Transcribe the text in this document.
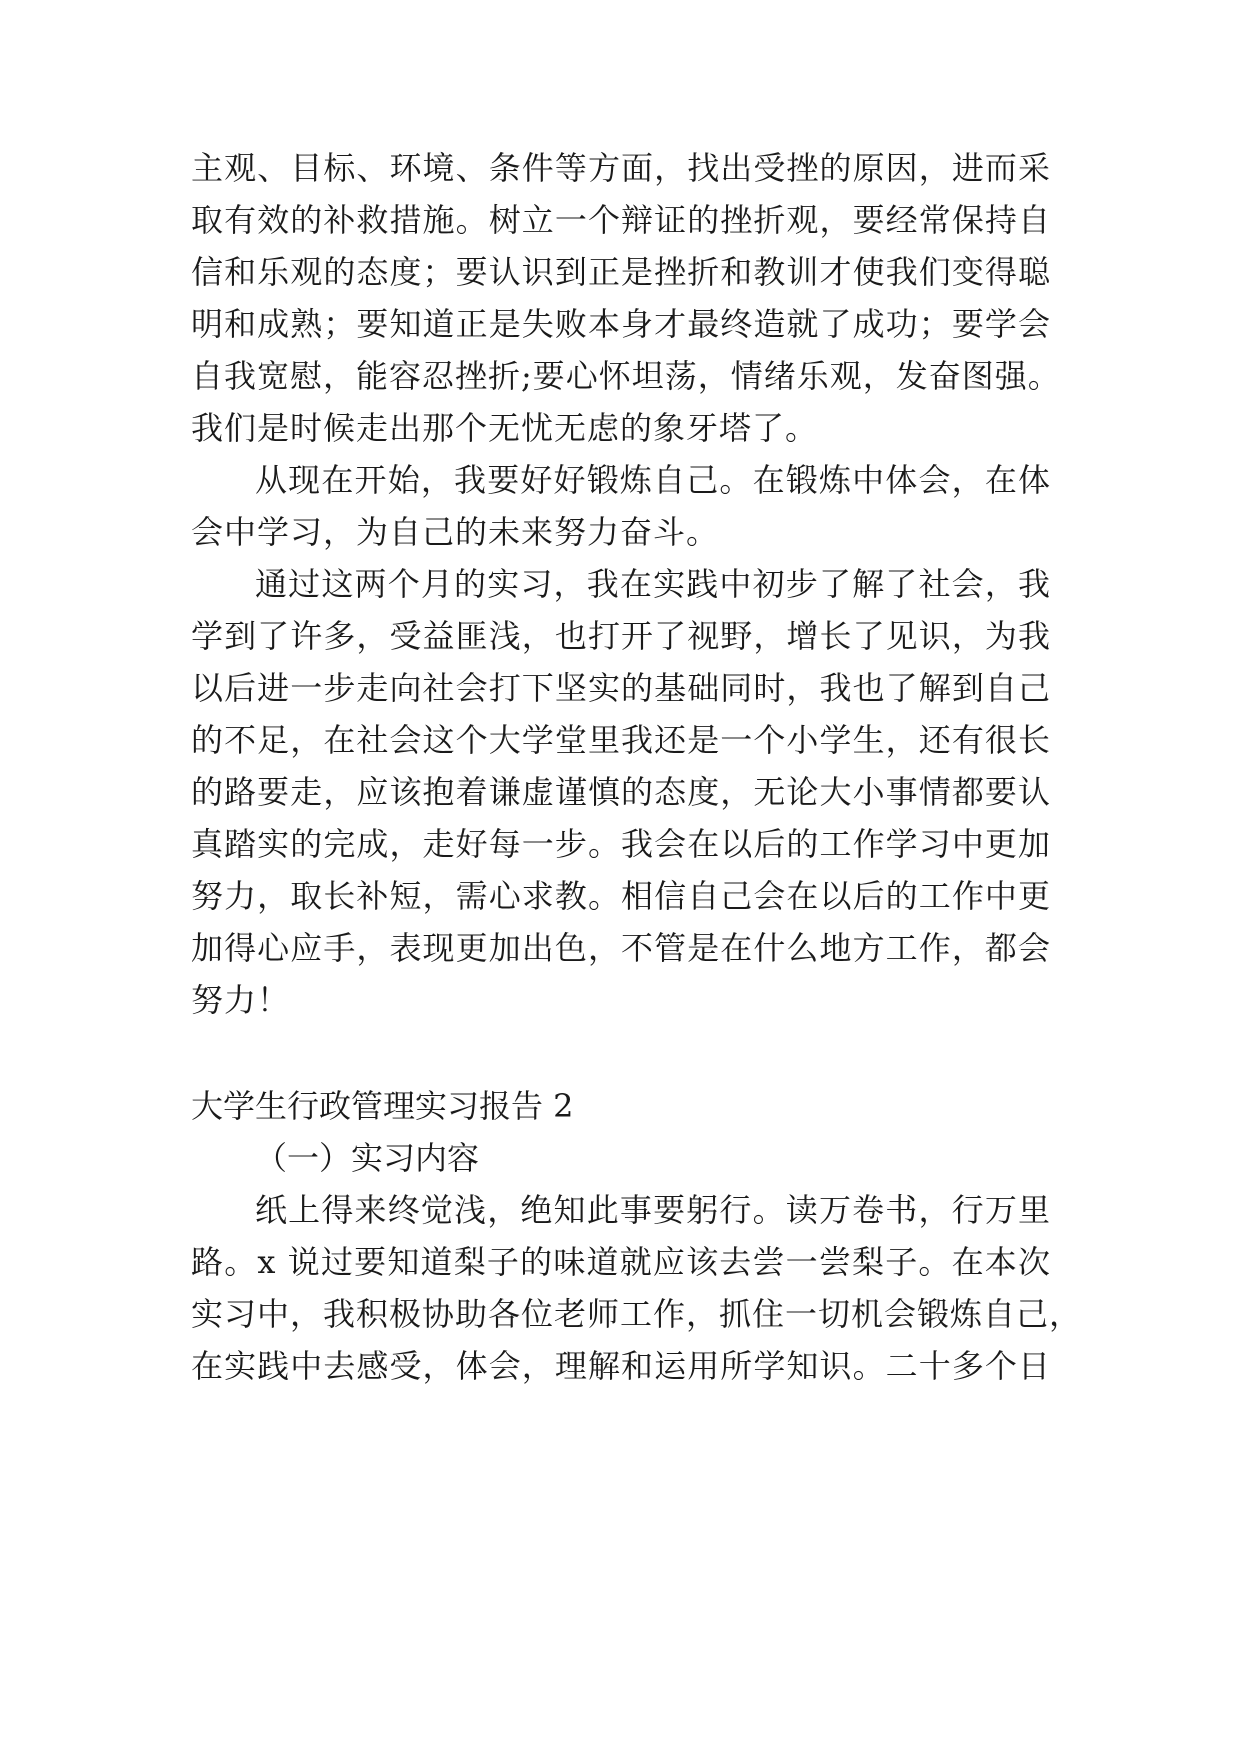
主观、目标、环境、条件等方面，找出受挫的原因，进而采
取有效的补救措施。树立一个辩证的挫折观，要经常保持自
信和乐观的态度；要认识到正是挫折和教训才使我们变得聪
明和成熟；要知道正是失败本身才最终造就了成功；要学会
自我宽慰，能容忍挫折;要心怀坦荡，情绪乐观，发奋图强。
我们是时候走出那个无忧无虑的象牙塔了。
从现在开始，我要好好锻炼自己。在锻炼中体会，在体
会中学习，为自己的未来努力奋斗。
通过这两个月的实习，我在实践中初步了解了社会，我
学到了许多，受益匪浅，也打开了视野，增长了见识，为我
以后进一步走向社会打下坚实的基础同时，我也了解到自己
的不足，在社会这个大学堂里我还是一个小学生，还有很长
的路要走，应该抱着谦虚谨慎的态度，无论大小事情都要认
真踏实的完成，走好每一步。我会在以后的工作学习中更加
努力，取长补短，需心求教。相信自己会在以后的工作中更
加得心应手，表现更加出色，不管是在什么地方工作，都会
努力！
大学生行政管理实习报告 2
（一）实习内容
纸上得来终觉浅，绝知此事要躬行。读万卷书，行万里
路。x 说过要知道梨子的味道就应该去尝一尝梨子。在本次
实习中，我积极协助各位老师工作，抓住一切机会锻炼自己，
在实践中去感受，体会，理解和运用所学知识。二十多个日
